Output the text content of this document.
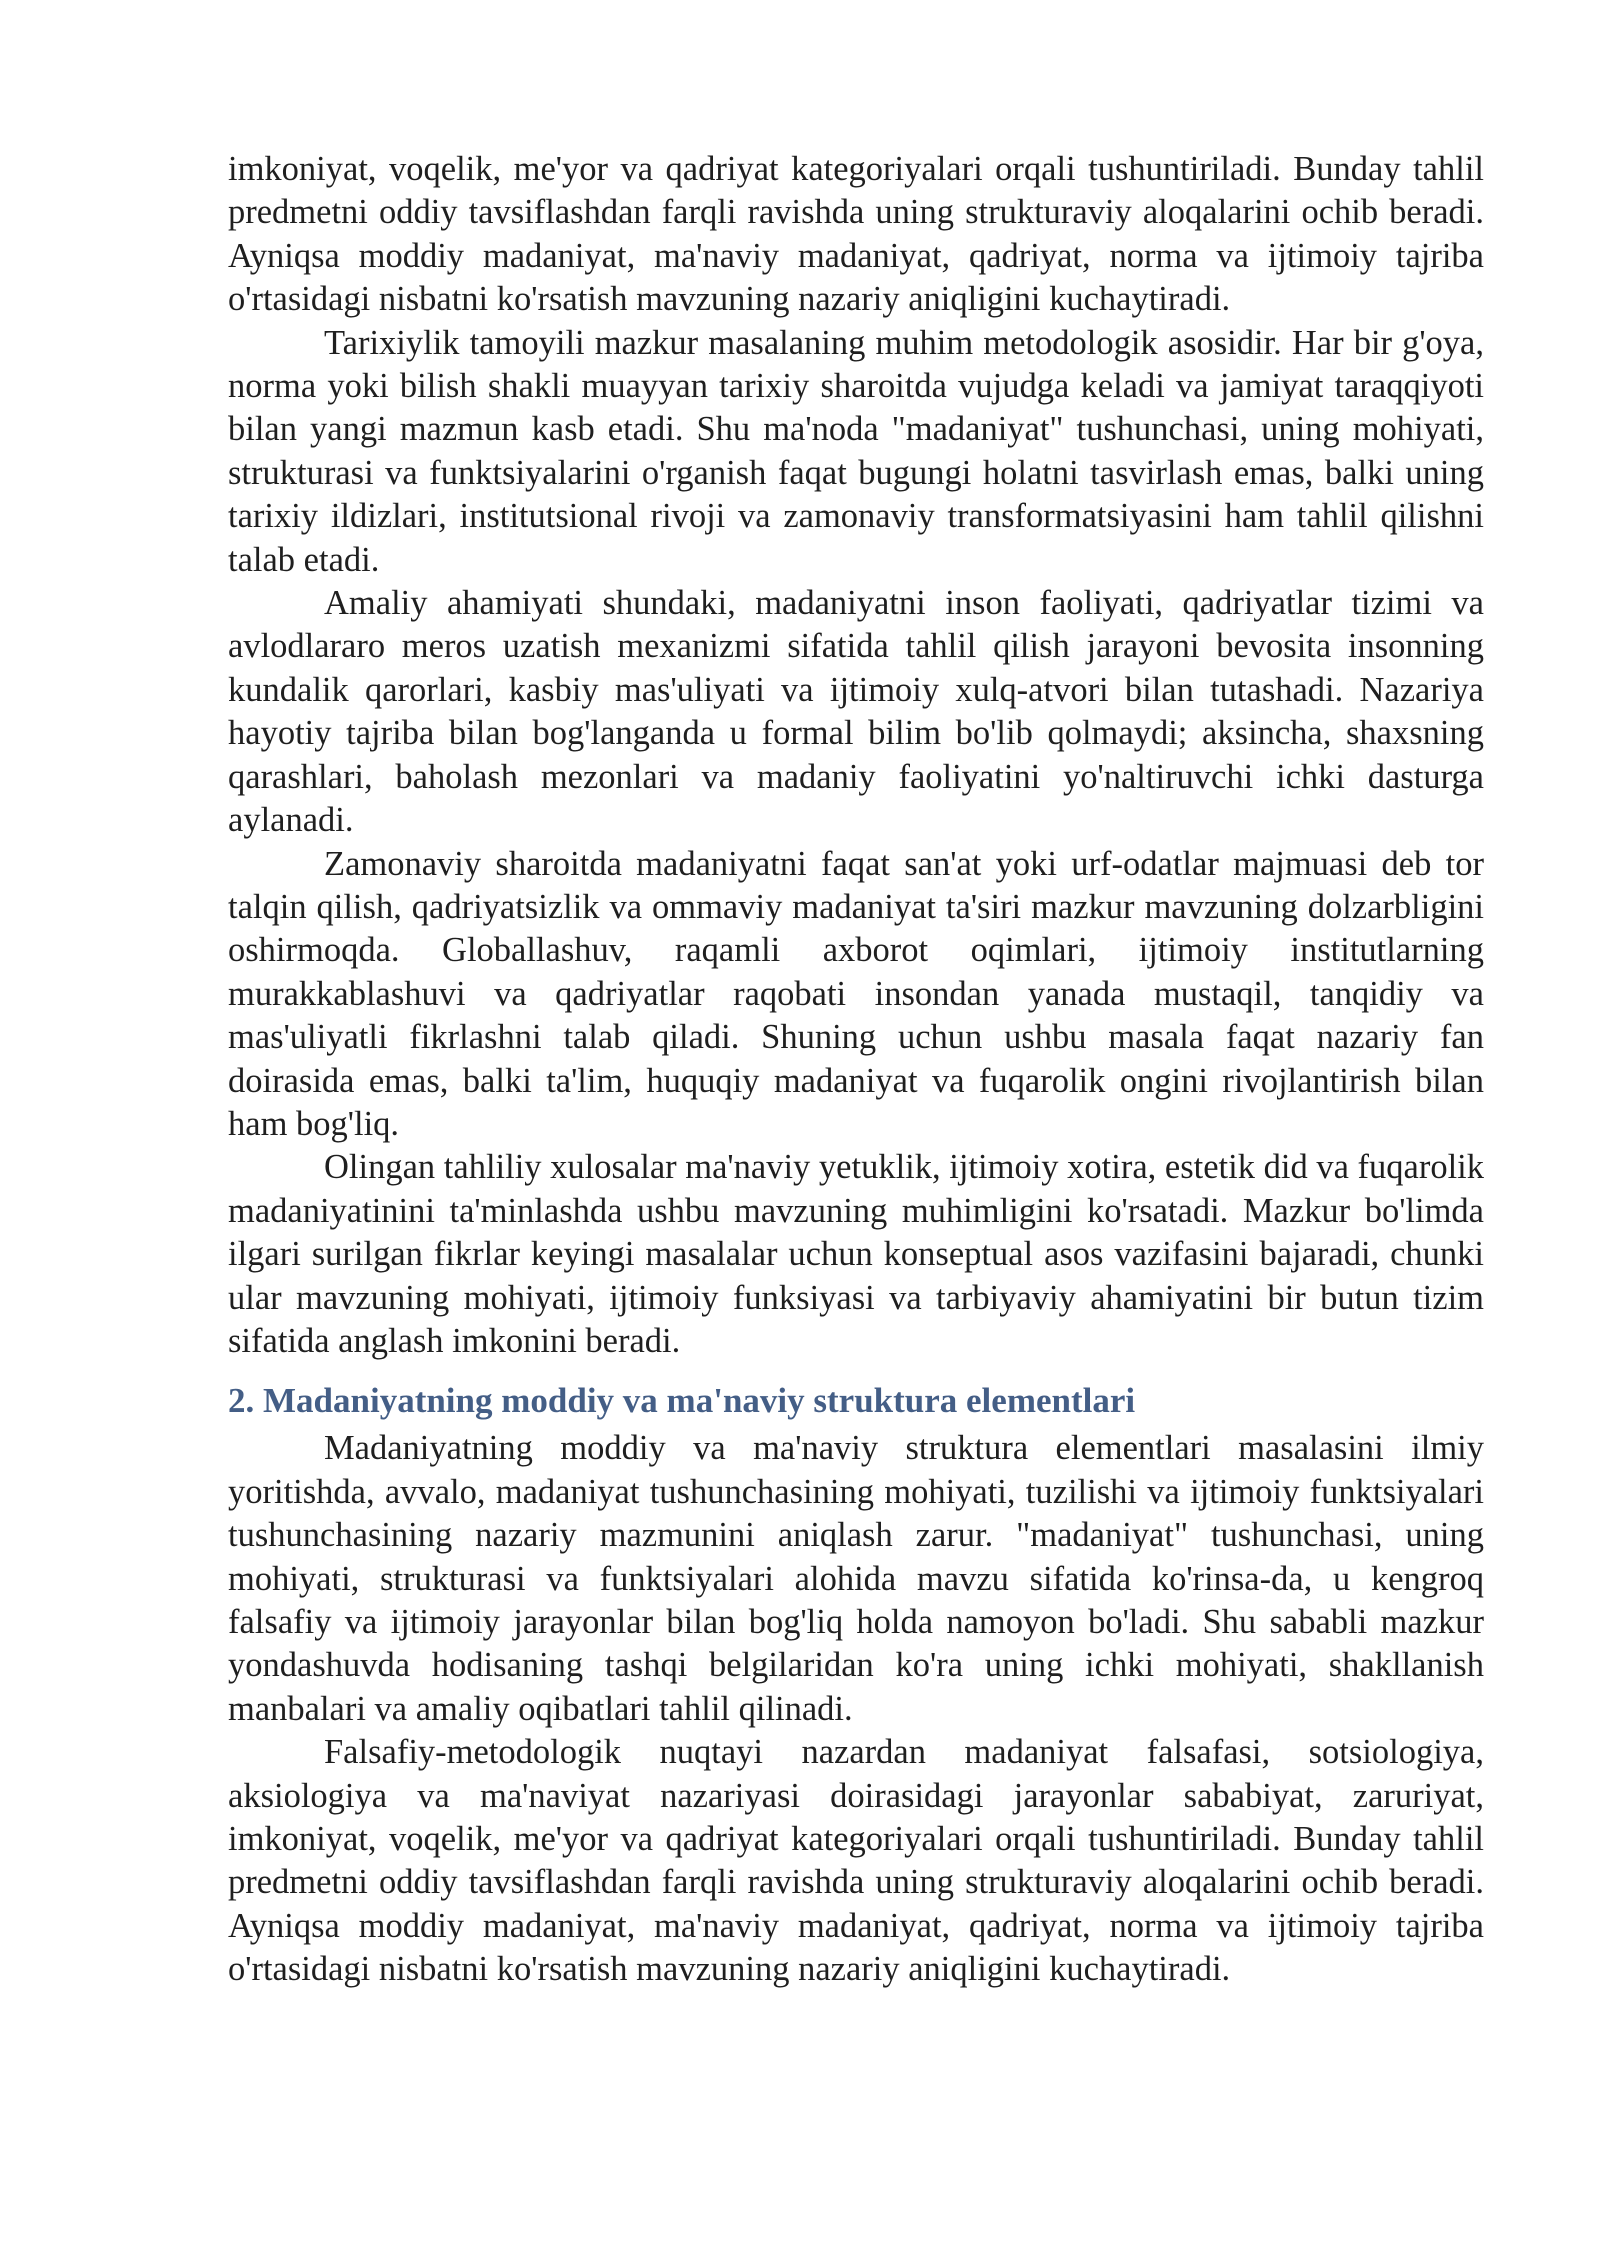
imkoniyat, voqelik, me'yor va qadriyat kategoriyalari orqali tushuntiriladi. Bunday tahlil predmetni oddiy tavsiflashdan farqli ravishda uning strukturaviy aloqalarini ochib beradi. Ayniqsa moddiy madaniyat, ma'naviy madaniyat, qadriyat, norma va ijtimoiy tajriba o'rtasidagi nisbatni ko'rsatish mavzuning nazariy aniqligini kuchaytiradi.

Tarixiylik tamoyili mazkur masalaning muhim metodologik asosidir. Har bir g'oya, norma yoki bilish shakli muayyan tarixiy sharoitda vujudga keladi va jamiyat taraqqiyoti bilan yangi mazmun kasb etadi. Shu ma'noda "madaniyat" tushunchasi, uning mohiyati, strukturasi va funktsiyalarini o'rganish faqat bugungi holatni tasvirlash emas, balki uning tarixiy ildizlari, institutsional rivoji va zamonaviy transformatsiyasini ham tahlil qilishni talab etadi.

Amaliy ahamiyati shundaki, madaniyatni inson faoliyati, qadriyatlar tizimi va avlodlararo meros uzatish mexanizmi sifatida tahlil qilish jarayoni bevosita insonning kundalik qarorlari, kasbiy mas'uliyati va ijtimoiy xulq-atvori bilan tutashadi. Nazariya hayotiy tajriba bilan bog'langanda u formal bilim bo'lib qolmaydi; aksincha, shaxsning qarashlari, baholash mezonlari va madaniy faoliyatini yo'naltiruvchi ichki dasturga aylanadi.

Zamonaviy sharoitda madaniyatni faqat san'at yoki urf-odatlar majmuasi deb tor talqin qilish, qadriyatsizlik va ommaviy madaniyat ta'siri mazkur mavzuning dolzarbligini oshirmoqda. Globallashuv, raqamli axborot oqimlari, ijtimoiy institutlarning murakkablashuvi va qadriyatlar raqobati insondan yanada mustaqil, tanqidiy va mas'uliyatli fikrlashni talab qiladi. Shuning uchun ushbu masala faqat nazariy fan doirasida emas, balki ta'lim, huquqiy madaniyat va fuqarolik ongini rivojlantirish bilan ham bog'liq.

Olingan tahliliy xulosalar ma'naviy yetuklik, ijtimoiy xotira, estetik did va fuqarolik madaniyatinini ta'minlashda ushbu mavzuning muhimligini ko'rsatadi. Mazkur bo'limda ilgari surilgan fikrlar keyingi masalalar uchun konseptual asos vazifasini bajaradi, chunki ular mavzuning mohiyati, ijtimoiy funksiyasi va tarbiyaviy ahamiyatini bir butun tizim sifatida anglash imkonini beradi.

2. Madaniyatning moddiy va ma'naviy struktura elementlari

Madaniyatning moddiy va ma'naviy struktura elementlari masalasini ilmiy yoritishda, avvalo, madaniyat tushunchasining mohiyati, tuzilishi va ijtimoiy funktsiyalari tushunchasining nazariy mazmunini aniqlash zarur. "madaniyat" tushunchasi, uning mohiyati, strukturasi va funktsiyalari alohida mavzu sifatida ko'rinsa-da, u kengroq falsafiy va ijtimoiy jarayonlar bilan bog'liq holda namoyon bo'ladi. Shu sababli mazkur yondashuvda hodisaning tashqi belgilaridan ko'ra uning ichki mohiyati, shakllanish manbalari va amaliy oqibatlari tahlil qilinadi.

Falsafiy-metodologik nuqtayi nazardan madaniyat falsafasi, sotsiologiya, aksiologiya va ma'naviyat nazariyasi doirasidagi jarayonlar sababiyat, zaruriyat, imkoniyat, voqelik, me'yor va qadriyat kategoriyalari orqali tushuntiriladi. Bunday tahlil predmetni oddiy tavsiflashdan farqli ravishda uning strukturaviy aloqalarini ochib beradi. Ayniqsa moddiy madaniyat, ma'naviy madaniyat, qadriyat, norma va ijtimoiy tajriba o'rtasidagi nisbatni ko'rsatish mavzuning nazariy aniqligini kuchaytiradi.
